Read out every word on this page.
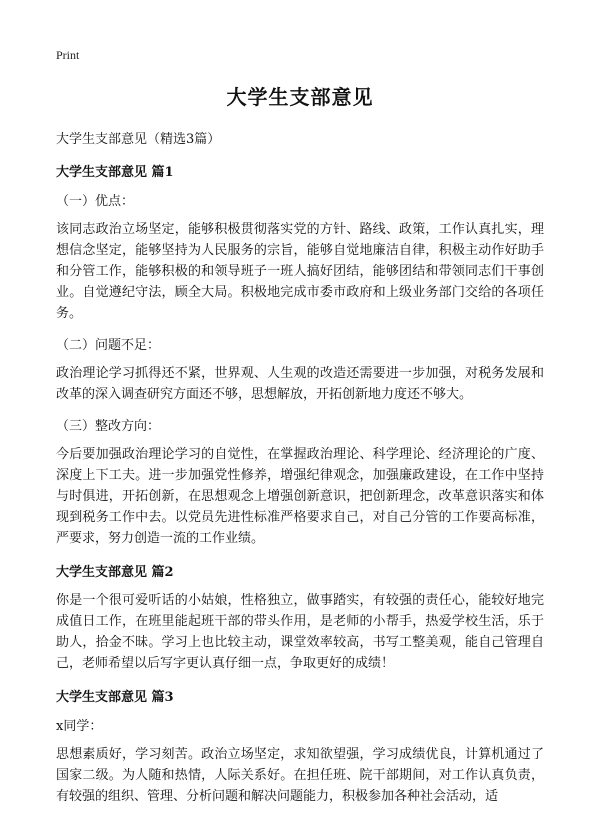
Print
大学生支部意见
大学生支部意见（精选3篇）
大学生支部意见 篇1
（一）优点：
该同志政治立场坚定，能够积极贯彻落实党的方针、路线、政策，工作认真扎实，理想信念坚定，能够坚持为人民服务的宗旨，能够自觉地廉洁自律，积极主动作好助手和分管工作，能够积极的和领导班子一班人搞好团结，能够团结和带领同志们干事创业。自觉遵纪守法，顾全大局。积极地完成市委市政府和上级业务部门交给的各项任务。
（二）问题不足：
政治理论学习抓得还不紧，世界观、人生观的改造还需要进一步加强，对税务发展和改革的深入调查研究方面还不够，思想解放，开拓创新地力度还不够大。
（三）整改方向：
今后要加强政治理论学习的自觉性，在掌握政治理论、科学理论、经济理论的广度、深度上下工夫。进一步加强党性修养，增强纪律观念，加强廉政建设，在工作中坚持与时俱进，开拓创新，在思想观念上增强创新意识，把创新理念，改革意识落实和体现到税务工作中去。以党员先进性标准严格要求自己，对自己分管的工作要高标准，严要求，努力创造一流的工作业绩。
大学生支部意见 篇2
你是一个很可爱听话的小姑娘，性格独立，做事踏实，有较强的责任心，能较好地完成值日工作，在班里能起班干部的带头作用，是老师的小帮手，热爱学校生活，乐于助人，拾金不昧。学习上也比较主动，课堂效率较高，书写工整美观，能自己管理自己，老师希望以后写字更认真仔细一点，争取更好的成绩！
大学生支部意见 篇3
x同学：
思想素质好，学习刻苦。政治立场坚定，求知欲望强，学习成绩优良，计算机通过了国家二级。为人随和热情，人际关系好。在担任班、院干部期间，对工作认真负责，有较强的组织、管理、分析问题和解决问题能力，积极参加各种社会活动，适
